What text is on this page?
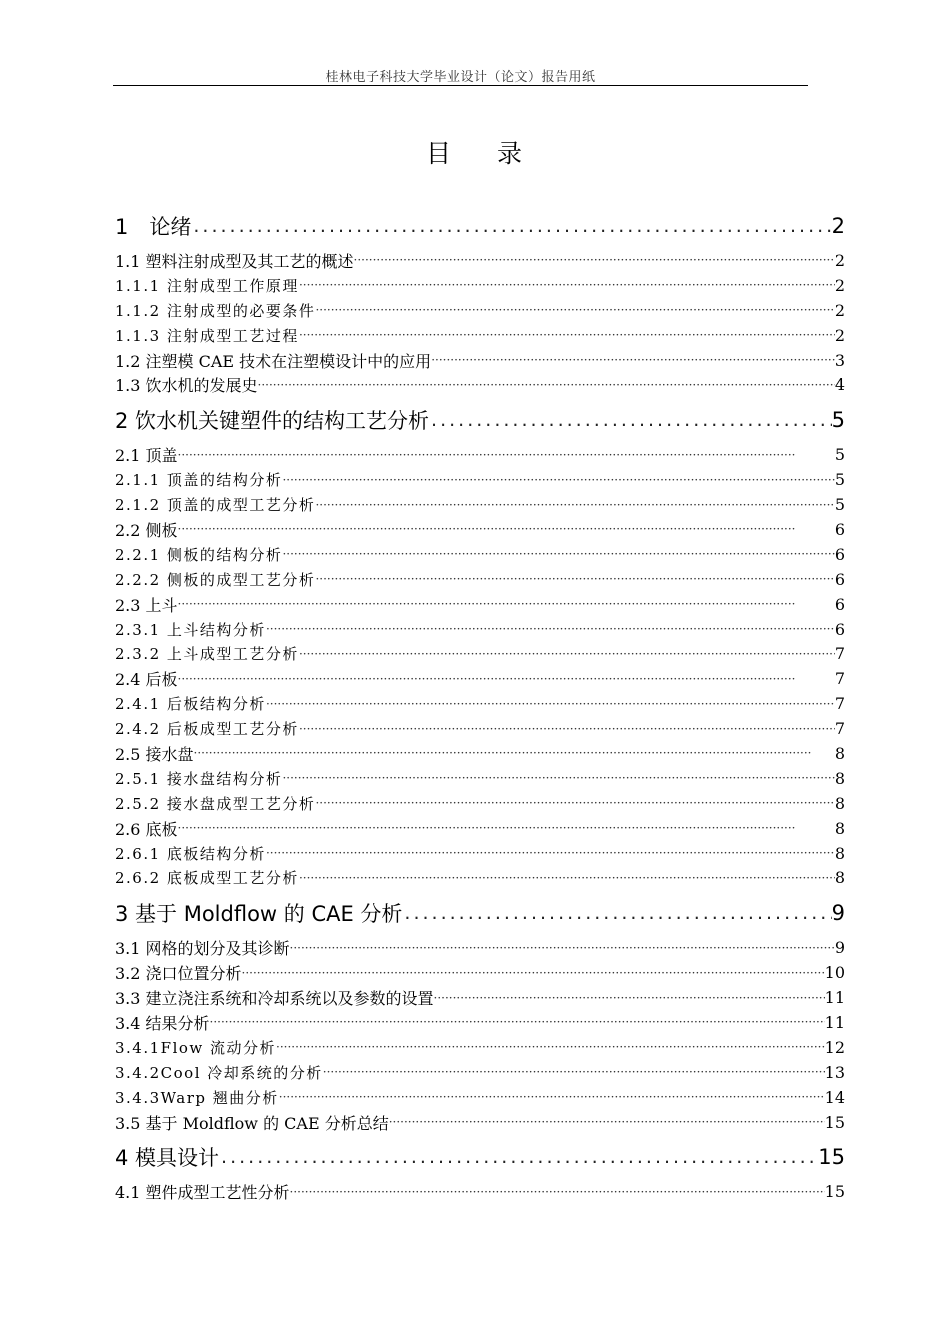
桂林电子科技大学毕业设计（论文）报告用纸
目 录
1　论绪 .....	2
1.1 塑料注射成型及其工艺的概述 ·····	2
1.1.1 注射成型工作原理 ·····	2
1.1.2 注射成型的必要条件 ·····	2
1.1.3 注射成型工艺过程 ·····	2
1.2 注塑模 CAE 技术在注塑模设计中的应用 ·····	3
1.3 饮水机的发展史 ·····	4
2 饮水机关键塑件的结构工艺分析 .....	5
2.1 顶盖 ·····	5
2.1.1 顶盖的结构分析 ·····	5
2.1.2 顶盖的成型工艺分析 ·····	5
2.2 侧板 ·····	6
2.2.1 侧板的结构分析 ·····	6
2.2.2 侧板的成型工艺分析 ·····	6
2.3 上斗 ·····	6
2.3.1 上斗结构分析 ·····	6
2.3.2 上斗成型工艺分析 ·····	7
2.4 后板 ·····	7
2.4.1 后板结构分析 ·····	7
2.4.2 后板成型工艺分析 ·····	7
2.5 接水盘 ·····	8
2.5.1 接水盘结构分析 ·····	8
2.5.2 接水盘成型工艺分析 ·····	8
2.6 底板 ·····	8
2.6.1 底板结构分析 ·····	8
2.6.2 底板成型工艺分析 ·····	8
3 基于 Moldflow 的 CAE 分析 .....	9
3.1 网格的划分及其诊断 ·····	9
3.2 浇口位置分析 ·····	10
3.3 建立浇注系统和冷却系统以及参数的设置 ·····	11
3.4 结果分析 ·····	11
3.4.1Flow 流动分析 ·····	12
3.4.2Cool 冷却系统的分析 ·····	13
3.4.3Warp 翘曲分析 ·····	14
3.5 基于 Moldflow 的 CAE 分析总结 ·····	15
4 模具设计 .....	15
4.1 塑件成型工艺性分析 ·····	15
